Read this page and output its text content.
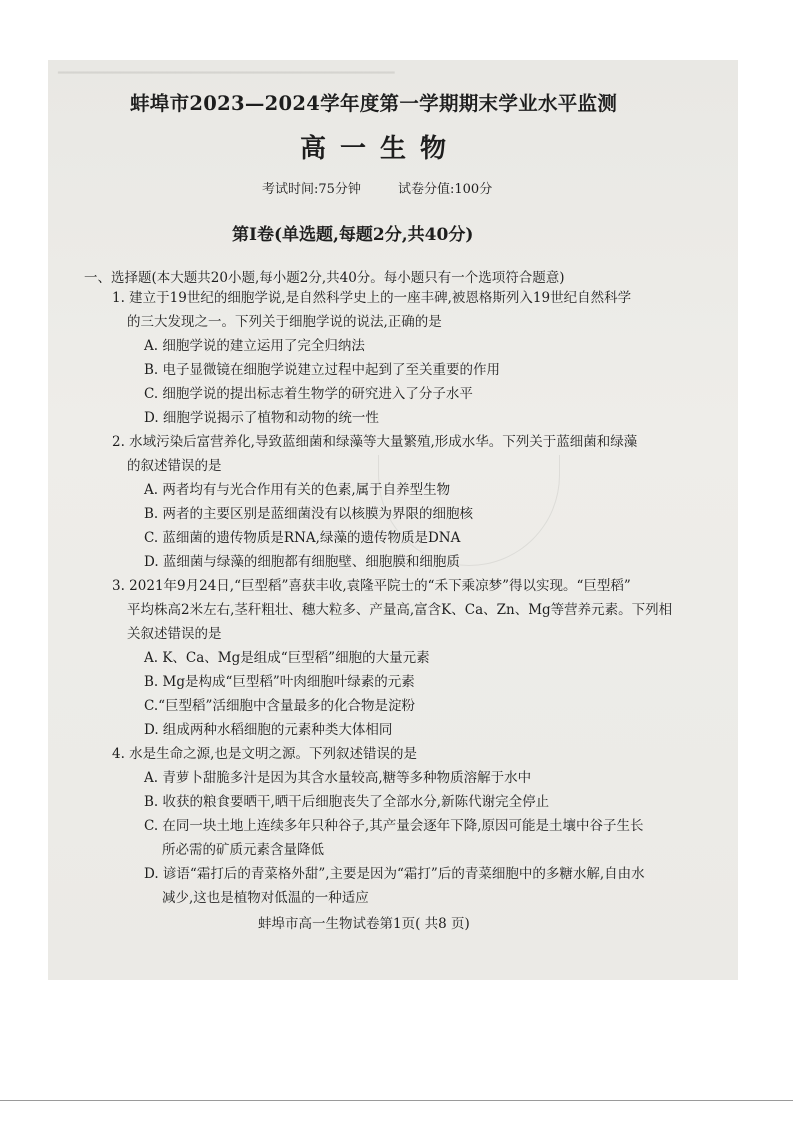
━━━━━━━━━━━━━━━━━━━━━━━━━━━━━━━━━━━━━━━━━━━
蚌埠市2023—2024学年度第一学期期末学业水平监测
高一生物
考试时间:75分钟	试卷分值:100分
第Ⅰ卷(单选题,每题2分,共40分)
一、选择题(本大题共20小题,每小题2分,共40分。每小题只有一个选项符合题意)
1. 建立于19世纪的细胞学说,是自然科学史上的一座丰碑,被恩格斯列入19世纪自然科学
的三大发现之一。下列关于细胞学说的说法,正确的是
A. 细胞学说的建立运用了完全归纳法
B. 电子显微镜在细胞学说建立过程中起到了至关重要的作用
C. 细胞学说的提出标志着生物学的研究进入了分子水平
D. 细胞学说揭示了植物和动物的统一性
2. 水域污染后富营养化,导致蓝细菌和绿藻等大量繁殖,形成水华。下列关于蓝细菌和绿藻
的叙述错误的是
A. 两者均有与光合作用有关的色素,属于自养型生物
B. 两者的主要区别是蓝细菌没有以核膜为界限的细胞核
C. 蓝细菌的遗传物质是RNA,绿藻的遗传物质是DNA
D. 蓝细菌与绿藻的细胞都有细胞壁、细胞膜和细胞质
3. 2021年9月24日,“巨型稻”喜获丰收,袁隆平院士的“禾下乘凉梦”得以实现。“巨型稻”
平均株高2米左右,茎秆粗壮、穗大粒多、产量高,富含K、Ca、Zn、Mg等营养元素。下列相
关叙述错误的是
A. K、Ca、Mg是组成“巨型稻”细胞的大量元素
B. Mg是构成“巨型稻”叶肉细胞叶绿素的元素
C.“巨型稻”活细胞中含量最多的化合物是淀粉
D. 组成两种水稻细胞的元素种类大体相同
4. 水是生命之源,也是文明之源。下列叙述错误的是
A. 青萝卜甜脆多汁是因为其含水量较高,糖等多种物质溶解于水中
B. 收获的粮食要晒干,晒干后细胞丧失了全部水分,新陈代谢完全停止
C. 在同一块土地上连续多年只种谷子,其产量会逐年下降,原因可能是土壤中谷子生长
所必需的矿质元素含量降低
蚌埠市高一生物试卷第1页( 共8 页)
D. 谚语“霜打后的青菜格外甜”,主要是因为“霜打”后的青菜细胞中的多糖水解,自由水
减少,这也是植物对低温的一种适应
